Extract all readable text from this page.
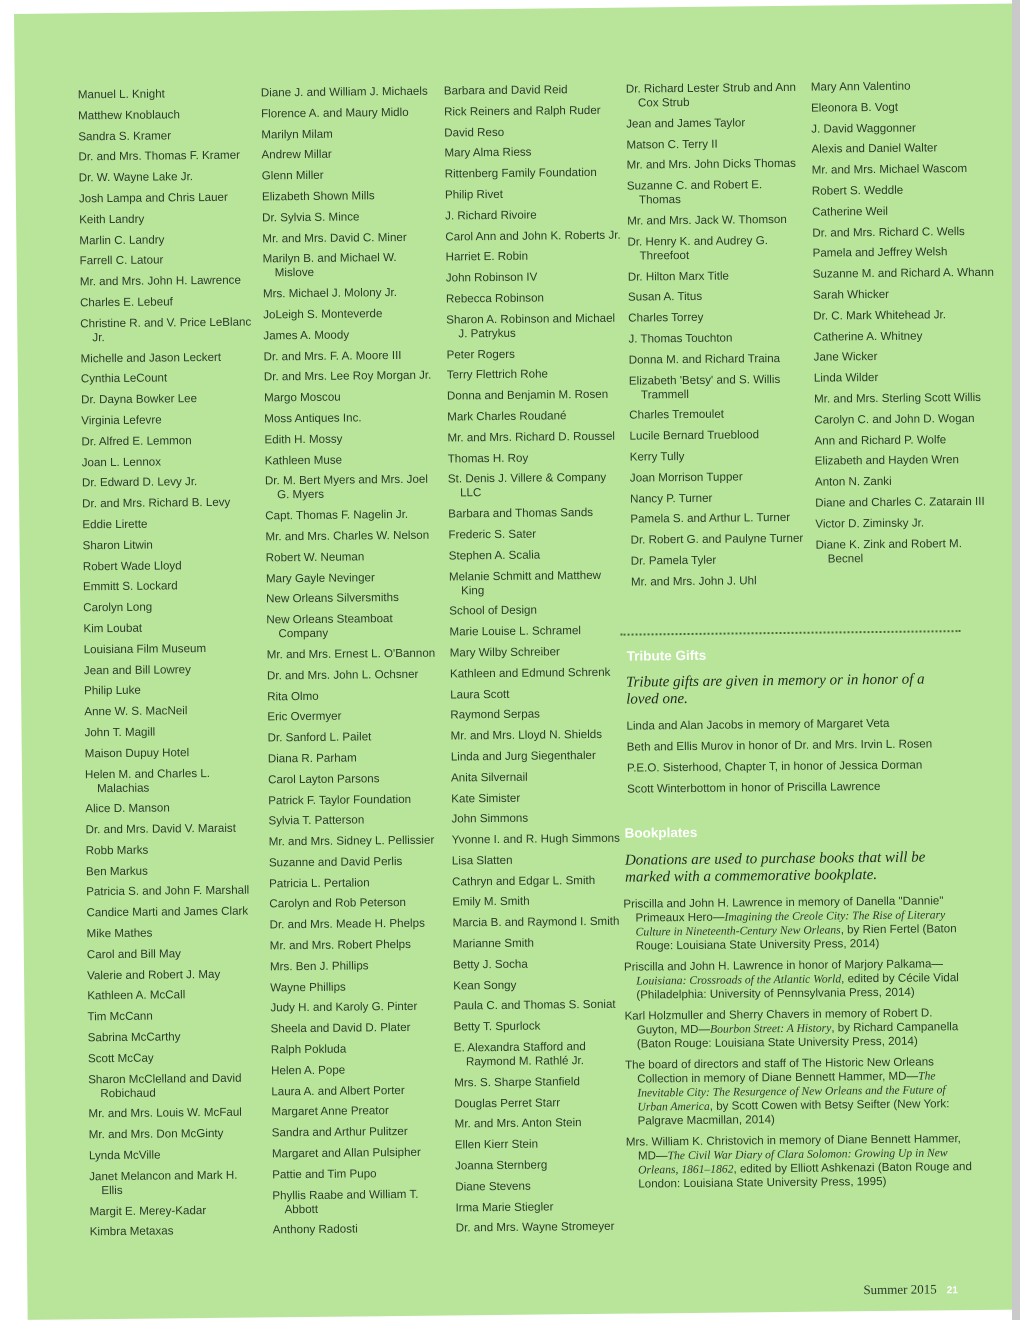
Manuel L. Knight
Matthew Knoblauch
Sandra S. Kramer
Dr. and Mrs. Thomas F. Kramer
Dr. W. Wayne Lake Jr.
Josh Lampa and Chris Lauer
Keith Landry
Marlin C. Landry
Farrell C. Latour
Mr. and Mrs. John H. Lawrence
Charles E. Lebeuf
Christine R. and V. Price LeBlanc Jr.
Michelle and Jason Leckert
Cynthia LeCount
Dr. Dayna Bowker Lee
Virginia Lefevre
Dr. Alfred E. Lemmon
Joan L. Lennox
Dr. Edward D. Levy Jr.
Dr. and Mrs. Richard B. Levy
Eddie Lirette
Sharon Litwin
Robert Wade Lloyd
Emmitt S. Lockard
Carolyn Long
Kim Loubat
Louisiana Film Museum
Jean and Bill Lowrey
Philip Luke
Anne W. S. MacNeil
John T. Magill
Maison Dupuy Hotel
Helen M. and Charles L. Malachias
Alice D. Manson
Dr. and Mrs. David V. Maraist
Robb Marks
Ben Markus
Patricia S. and John F. Marshall
Candice Marti and James Clark
Mike Mathes
Carol and Bill May
Valerie and Robert J. May
Kathleen A. McCall
Tim McCann
Sabrina McCarthy
Scott McCay
Sharon McClelland and David Robichaud
Mr. and Mrs. Louis W. McFaul
Mr. and Mrs. Don McGinty
Lynda McVille
Janet Melancon and Mark H. Ellis
Margit E. Merey-Kadar
Kimbra Metaxas
Diane J. and William J. Michaels
Florence A. and Maury Midlo
Marilyn Milam
Andrew Millar
Glenn Miller
Elizabeth Shown Mills
Dr. Sylvia S. Mince
Mr. and Mrs. David C. Miner
Marilyn B. and Michael W. Mislove
Mrs. Michael J. Molony Jr.
JoLeigh S. Monteverde
James A. Moody
Dr. and Mrs. F. A. Moore III
Dr. and Mrs. Lee Roy Morgan Jr.
Margo Moscou
Moss Antiques Inc.
Edith H. Mossy
Kathleen Muse
Dr. M. Bert Myers and Mrs. Joel G. Myers
Capt. Thomas F. Nagelin Jr.
Mr. and Mrs. Charles W. Nelson
Robert W. Neuman
Mary Gayle Nevinger
New Orleans Silversmiths
New Orleans Steamboat Company
Mr. and Mrs. Ernest L. O'Bannon
Dr. and Mrs. John L. Ochsner
Rita Olmo
Eric Overmyer
Dr. Sanford L. Pailet
Diana R. Parham
Carol Layton Parsons
Patrick F. Taylor Foundation
Sylvia T. Patterson
Mr. and Mrs. Sidney L. Pellissier
Suzanne and David Perlis
Patricia L. Pertalion
Carolyn and Rob Peterson
Dr. and Mrs. Meade H. Phelps
Mr. and Mrs. Robert Phelps
Mrs. Ben J. Phillips
Wayne Phillips
Judy H. and Karoly G. Pinter
Sheela and David D. Plater
Ralph Pokluda
Helen A. Pope
Laura A. and Albert Porter
Margaret Anne Preator
Sandra and Arthur Pulitzer
Margaret and Allan Pulsipher
Pattie and Tim Pupo
Phyllis Raabe and William T. Abbott
Anthony Radosti
Barbara and David Reid
Rick Reiners and Ralph Ruder
David Reso
Mary Alma Riess
Rittenberg Family Foundation
Philip Rivet
J. Richard Rivoire
Carol Ann and John K. Roberts Jr.
Harriet E. Robin
John Robinson IV
Rebecca Robinson
Sharon A. Robinson and Michael J. Patrykus
Peter Rogers
Terry Flettrich Rohe
Donna and Benjamin M. Rosen
Mark Charles Roudané
Mr. and Mrs. Richard D. Roussel
Thomas H. Roy
St. Denis J. Villere & Company LLC
Barbara and Thomas Sands
Frederic S. Sater
Stephen A. Scalia
Melanie Schmitt and Matthew King
School of Design
Marie Louise L. Schramel
Mary Wilby Schreiber
Kathleen and Edmund Schrenk
Laura Scott
Raymond Serpas
Mr. and Mrs. Lloyd N. Shields
Linda and Jurg Siegenthaler
Anita Silvernail
Kate Simister
John Simmons
Yvonne I. and R. Hugh Simmons
Lisa Slatten
Cathryn and Edgar L. Smith
Emily M. Smith
Marcia B. and Raymond I. Smith
Marianne Smith
Betty J. Socha
Kean Songy
Paula C. and Thomas S. Soniat
Betty T. Spurlock
E. Alexandra Stafford and Raymond M. Rathlé Jr.
Mrs. S. Sharpe Stanfield
Douglas Perret Starr
Mr. and Mrs. Anton Stein
Ellen Kierr Stein
Joanna Sternberg
Diane Stevens
Irma Marie Stiegler
Dr. and Mrs. Wayne Stromeyer
Dr. Richard Lester Strub and Ann Cox Strub
Jean and James Taylor
Matson C. Terry II
Mr. and Mrs. John Dicks Thomas
Suzanne C. and Robert E. Thomas
Mr. and Mrs. Jack W. Thomson
Dr. Henry K. and Audrey G. Threefoot
Dr. Hilton Marx Title
Susan A. Titus
Charles Torrey
J. Thomas Touchton
Donna M. and Richard Traina
Elizabeth 'Betsy' and S. Willis Trammell
Charles Tremoulet
Lucile Bernard Trueblood
Kerry Tully
Joan Morrison Tupper
Nancy P. Turner
Pamela S. and Arthur L. Turner
Dr. Robert G. and Paulyne Turner
Dr. Pamela Tyler
Mr. and Mrs. John J. Uhl
Mary Ann Valentino
Eleonora B. Vogt
J. David Waggonner
Alexis and Daniel Walter
Mr. and Mrs. Michael Wascom
Robert S. Weddle
Catherine Weil
Dr. and Mrs. Richard C. Wells
Pamela and Jeffrey Welsh
Suzanne M. and Richard A. Whann
Sarah Whicker
Dr. C. Mark Whitehead Jr.
Catherine A. Whitney
Jane Wicker
Linda Wilder
Mr. and Mrs. Sterling Scott Willis
Carolyn C. and John D. Wogan
Ann and Richard P. Wolfe
Elizabeth and Hayden Wren
Anton N. Zanki
Diane and Charles C. Zatarain III
Victor D. Ziminsky Jr.
Diane K. Zink and Robert M. Becnel
Tribute Gifts
Tribute gifts are given in memory or in honor of a loved one.
Linda and Alan Jacobs in memory of Margaret Veta
Beth and Ellis Murov in honor of Dr. and Mrs. Irvin L. Rosen
P.E.O. Sisterhood, Chapter T, in honor of Jessica Dorman
Scott Winterbottom in honor of Priscilla Lawrence
Bookplates
Donations are used to purchase books that will be marked with a commemorative bookplate.
Priscilla and John H. Lawrence in memory of Danella "Dannie" Primeaux Hero—Imagining the Creole City: The Rise of Literary Culture in Nineteenth-Century New Orleans, by Rien Fertel (Baton Rouge: Louisiana State University Press, 2014)
Priscilla and John H. Lawrence in honor of Marjory Palkama—Louisiana: Crossroads of the Atlantic World, edited by Cécile Vidal (Philadelphia: University of Pennsylvania Press, 2014)
Karl Holzmuller and Sherry Chavers in memory of Robert D. Guyton, MD—Bourbon Street: A History, by Richard Campanella (Baton Rouge: Louisiana State University Press, 2014)
The board of directors and staff of The Historic New Orleans Collection in memory of Diane Bennett Hammer, MD—The Inevitable City: The Resurgence of New Orleans and the Future of Urban America, by Scott Cowen with Betsy Seifter (New York: Palgrave Macmillan, 2014)
Mrs. William K. Christovich in memory of Diane Bennett Hammer, MD—The Civil War Diary of Clara Solomon: Growing Up in New Orleans, 1861–1862, edited by Elliott Ashkenazi (Baton Rouge and London: Louisiana State University Press, 1995)
Summer 2015 21
